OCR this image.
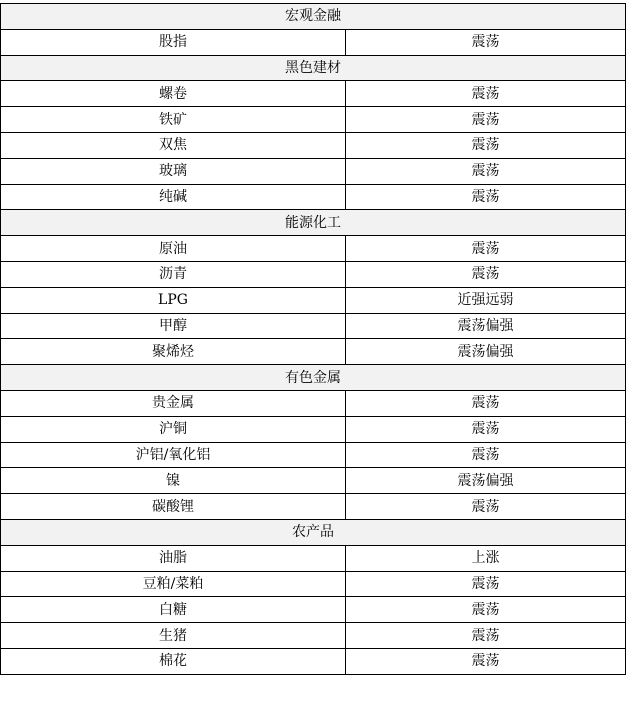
宏观金融
股指	震荡
黑色建材
螺卷	震荡
铁矿	震荡
双焦	震荡
玻璃	震荡
纯碱	震荡
能源化工
原油	震荡
沥青	震荡
LPG	近强远弱
甲醇	震荡偏强
聚烯烃	震荡偏强
有色金属
贵金属	震荡
沪铜	震荡
沪铝/氧化铝	震荡
镍	震荡偏强
碳酸锂	震荡
农产品
油脂	上涨
豆粕/菜粕	震荡
白糖	震荡
生猪	震荡
棉花	震荡
